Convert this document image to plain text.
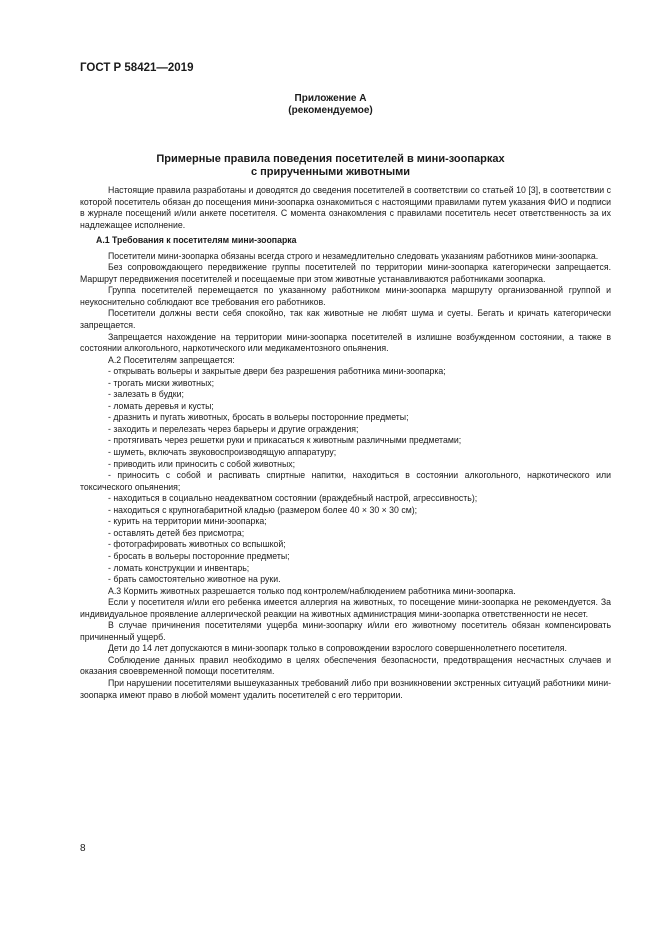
ГОСТ Р 58421—2019
Приложение А
(рекомендуемое)
Примерные правила поведения посетителей в мини-зоопарках
с прирученными животными

Настоящие правила разработаны и доводятся до сведения посетителей в соответствии со статьей 10 [3], в соответствии с которой посетитель обязан до посещения мини-зоопарка ознакомиться с настоящими правилами путем указания ФИО и подписи в журнале посещений и/или анкете посетителя. С момента ознакомления с правилами посетитель несет ответственность за их надлежащее исполнение.

А.1 Требования к посетителям мини-зоопарка

Посетители мини-зоопарка обязаны всегда строго и незамедлительно следовать указаниям работников мини-зоопарка.

Без сопровождающего передвижение группы посетителей по территории мини-зоопарка категорически запрещается. Маршрут передвижения посетителей и посещаемые при этом животные устанавливаются работниками зоопарка.

Группа посетителей перемещается по указанному работником мини-зоопарка маршруту организованной группой и неукоснительно соблюдают все требования его работников.

Посетители должны вести себя спокойно, так как животные не любят шума и суеты. Бегать и кричать категорически запрещается.

Запрещается нахождение на территории мини-зоопарка посетителей в излишне возбужденном состоянии, а также в состоянии алкогольного, наркотического или медикаментозного опьянения.

А.2 Посетителям запрещается:

- открывать вольеры и закрытые двери без разрешения работника мини-зоопарка;

- трогать миски животных;

- залезать в будки;

- ломать деревья и кусты;

- дразнить и пугать животных, бросать в вольеры посторонние предметы;

- заходить и перелезать через барьеры и другие ограждения;

- протягивать через решетки руки и прикасаться к животным различными предметами;

- шуметь, включать звуковоспроизводящую аппаратуру;

- приводить или приносить с собой животных;

- приносить с собой и распивать спиртные напитки, находиться в состоянии алкогольного, наркотического или токсического опьянения;

- находиться в социально неадекватном состоянии (враждебный настрой, агрессивность);

- находиться с крупногабаритной кладью (размером более 40 × 30 × 30 см);

- курить на территории мини-зоопарка;

- оставлять детей без присмотра;

- фотографировать животных со вспышкой;

- бросать в вольеры посторонние предметы;

- ломать конструкции и инвентарь;

- брать самостоятельно животное на руки.

А.3 Кормить животных разрешается только под контролем/наблюдением работника мини-зоопарка.

Если у посетителя и/или его ребенка имеется аллергия на животных, то посещение мини-зоопарка не рекомендуется. За индивидуальное проявление аллергической реакции на животных администрация мини-зоопарка ответственности не несет.

В случае причинения посетителями ущерба мини-зоопарку и/или его животному посетитель обязан компенсировать причиненный ущерб.

Дети до 14 лет допускаются в мини-зоопарк только в сопровождении взрослого совершеннолетнего посетителя.

Соблюдение данных правил необходимо в целях обеспечения безопасности, предотвращения несчастных случаев и оказания своевременной помощи посетителям.

При нарушении посетителями вышеуказанных требований либо при возникновении экстренных ситуаций работники мини-зоопарка имеют право в любой момент удалить посетителей с его территории.

8
